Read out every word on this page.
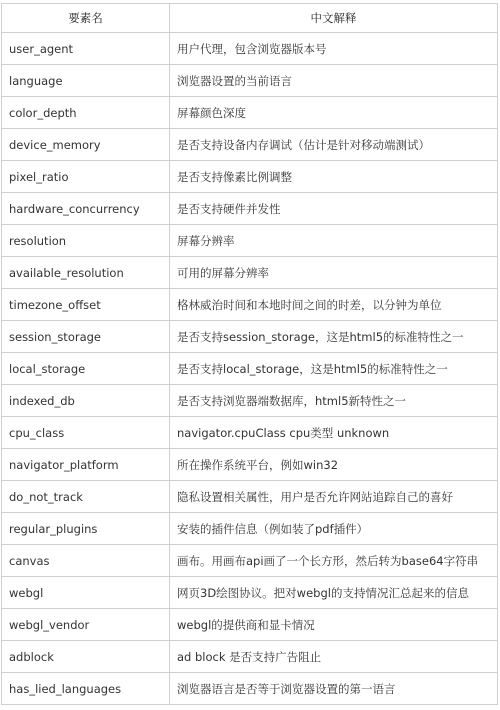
要素名	中文解释
user_agent	用户代理，包含浏览器版本号
language	浏览器设置的当前语言
color_depth	屏幕颜色深度
device_memory	是否支持设备内存调试（估计是针对移动端测试）
pixel_ratio	是否支持像素比例调整
hardware_concurrency	是否支持硬件并发性
resolution	屏幕分辨率
available_resolution	可用的屏幕分辨率
timezone_offset	格林威治时间和本地时间之间的时差，以分钟为单位
session_storage	是否支持session_storage，这是html5的标准特性之一
local_storage	是否支持local_storage，这是html5的标准特性之一
indexed_db	是否支持浏览器端数据库，html5新特性之一
cpu_class	navigator.cpuClass cpu类型 unknown
navigator_platform	所在操作系统平台，例如win32
do_not_track	隐私设置相关属性，用户是否允许网站追踪自己的喜好
regular_plugins	安装的插件信息（例如装了pdf插件）
canvas	画布。用画布api画了一个长方形，然后转为base64字符串
webgl	网页3D绘图协议。把对webgl的支持情况汇总起来的信息
webgl_vendor	webgl的提供商和显卡情况
adblock	ad block 是否支持广告阻止
has_lied_languages	浏览器语言是否等于浏览器设置的第一语言
